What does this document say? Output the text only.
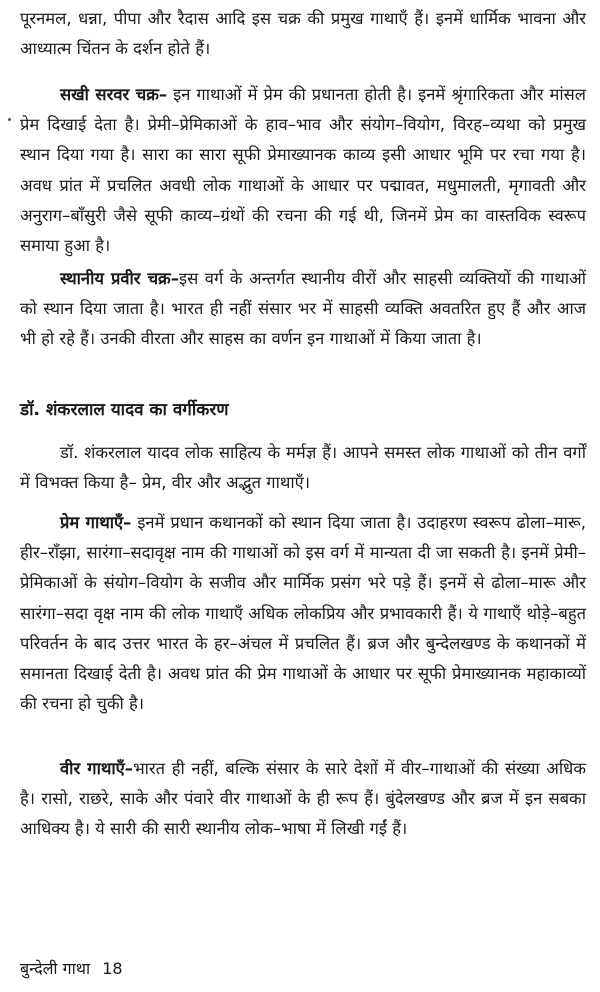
पूरनमल, धन्ना, पीपा और रैदास आदि इस चक्र की प्रमुख गाथाएँ हैं। इनमें धार्मिक भावना और आध्यात्म चिंतन के दर्शन होते हैं।

सखी सरवर चक्र– इन गाथाओं में प्रेम की प्रधानता होती है। इनमें श्रृंगारिकता और मांसल प्रेम दिखाई देता है। प्रेमी–प्रेमिकाओं के हाव–भाव और संयोग–वियोग, विरह–व्यथा को प्रमुख स्थान दिया गया है। सारा का सारा सूफी प्रेमाख्यानक काव्य इसी आधार भूमि पर रचा गया है। अवध प्रांत में प्रचलित अवधी लोक गाथाओं के आधार पर पद्मावत, मधुमालती, मृगावती और अनुराग–बाँसुरी जैसे सूफी काव्य–ग्रंथों की रचना की गई थी, जिनमें प्रेम का वास्तविक स्वरूप समाया हुआ है।

स्थानीय प्रवीर चक्र–इस वर्ग के अन्तर्गत स्थानीय वीरों और साहसी व्यक्तियों की गाथाओं को स्थान दिया जाता है। भारत ही नहीं संसार भर में साहसी व्यक्ति अवतरित हुए हैं और आज भी हो रहे हैं। उनकी वीरता और साहस का वर्णन इन गाथाओं में किया जाता है।

डॉ. शंकरलाल यादव का वर्गीकरण

डॉ. शंकरलाल यादव लोक साहित्य के मर्मज्ञ हैं। आपने समस्त लोक गाथाओं को तीन वर्गों में विभक्त किया है– प्रेम, वीर और अद्भुत गाथाएँ।

प्रेम गाथाएँ– इनमें प्रधान कथानकों को स्थान दिया जाता है। उदाहरण स्वरूप ढोला–मारू, हीर–राँझा, सारंगा–सदावृक्ष नाम की गाथाओं को इस वर्ग में मान्यता दी जा सकती है। इनमें प्रेमी–प्रेमिकाओं के संयोग–वियोग के सजीव और मार्मिक प्रसंग भरे पड़े हैं। इनमें से ढोला–मारू और सारंगा–सदा वृक्ष नाम की लोक गाथाएँ अधिक लोकप्रिय और प्रभावकारी हैं। ये गाथाएँ थोड़े–बहुत परिवर्तन के बाद उत्तर भारत के हर–अंचल में प्रचलित हैं। ब्रज और बुन्देलखण्ड के कथानकों में समानता दिखाई देती है। अवध प्रांत की प्रेम गाथाओं के आधार पर सूफी प्रेमाख्यानक महाकाव्यों की रचना हो चुकी है।

वीर गाथाएँ–भारत ही नहीं, बल्कि संसार के सारे देशों में वीर–गाथाओं की संख्या अधिक है। रासो, राछरे, साके और पंवारे वीर गाथाओं के ही रूप हैं। बुंदेलखण्ड और ब्रज में इन सबका आधिक्य है। ये सारी की सारी स्थानीय लोक–भाषा में लिखी गईं हैं।

बुन्देली गाथा 18
